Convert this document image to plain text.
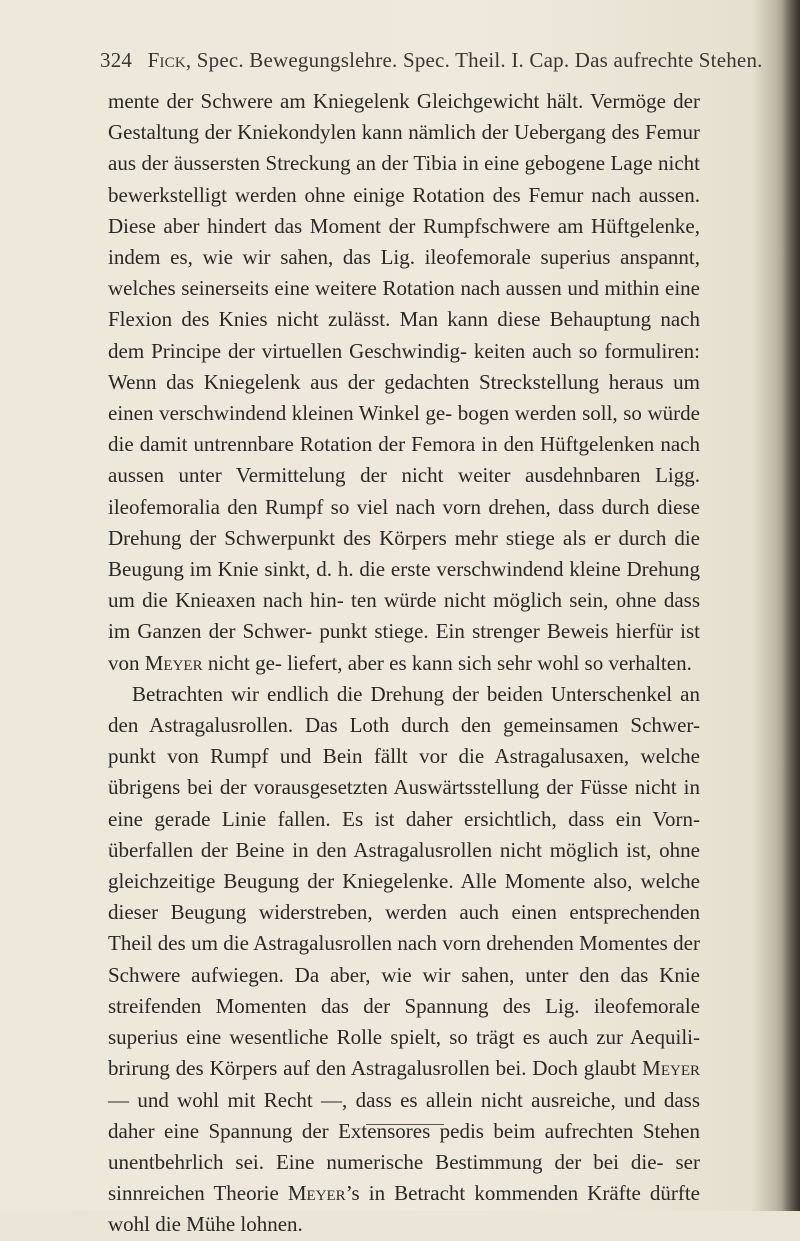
324 Fick, Spec. Bewegungslehre. Spec. Theil. I. Cap. Das aufrechte Stehen.

mente der Schwere am Kniegelenk Gleichgewicht hält. Vermöge der Gestaltung der Kniekondylen kann nämlich der Uebergang des Femur aus der äussersten Streckung an der Tibia in eine gebogene Lage nicht bewerkstelligt werden ohne einige Rotation des Femur nach aussen. Diese aber hindert das Moment der Rumpfschwere am Hüftgelenke, indem es, wie wir sahen, das Lig. ileofemorale superius anspannt, welches seinerseits eine weitere Rotation nach aussen und mithin eine Flexion des Knies nicht zulässt. Man kann diese Behauptung nach dem Principe der virtuellen Geschwindig- keiten auch so formuliren: Wenn das Kniegelenk aus der gedachten Streckstellung heraus um einen verschwindend kleinen Winkel ge- bogen werden soll, so würde die damit untrennbare Rotation der Femora in den Hüftgelenken nach aussen unter Vermittelung der nicht weiter ausdehnbaren Ligg. ileofemoralia den Rumpf so viel nach vorn drehen, dass durch diese Drehung der Schwerpunkt des Körpers mehr stiege als er durch die Beugung im Knie sinkt, d. h. die erste verschwindend kleine Drehung um die Knieaxen nach hin- ten würde nicht möglich sein, ohne dass im Ganzen der Schwer- punkt stiege. Ein strenger Beweis hierfür ist von Meyer nicht ge- liefert, aber es kann sich sehr wohl so verhalten.

Betrachten wir endlich die Drehung der beiden Unterschenkel an den Astragalusrollen. Das Loth durch den gemeinsamen Schwer- punkt von Rumpf und Bein fällt vor die Astragalusaxen, welche übrigens bei der vorausgesetzten Auswärtsstellung der Füsse nicht in eine gerade Linie fallen. Es ist daher ersichtlich, dass ein Vorn- überfallen der Beine in den Astragalusrollen nicht möglich ist, ohne gleichzeitige Beugung der Kniegelenke. Alle Momente also, welche dieser Beugung widerstreben, werden auch einen entsprechenden Theil des um die Astragalusrollen nach vorn drehenden Momentes der Schwere aufwiegen. Da aber, wie wir sahen, unter den das Knie streifenden Momenten das der Spannung des Lig. ileofemorale superius eine wesentliche Rolle spielt, so trägt es auch zur Aequili- brirung des Körpers auf den Astragalusrollen bei. Doch glaubt Meyer — und wohl mit Recht —, dass es allein nicht ausreiche, und dass daher eine Spannung der Extensores pedis beim aufrechten Stehen unentbehrlich sei. Eine numerische Bestimmung der bei die- ser sinnreichen Theorie Meyer’s in Betracht kommenden Kräfte dürfte wohl die Mühe lohnen.
